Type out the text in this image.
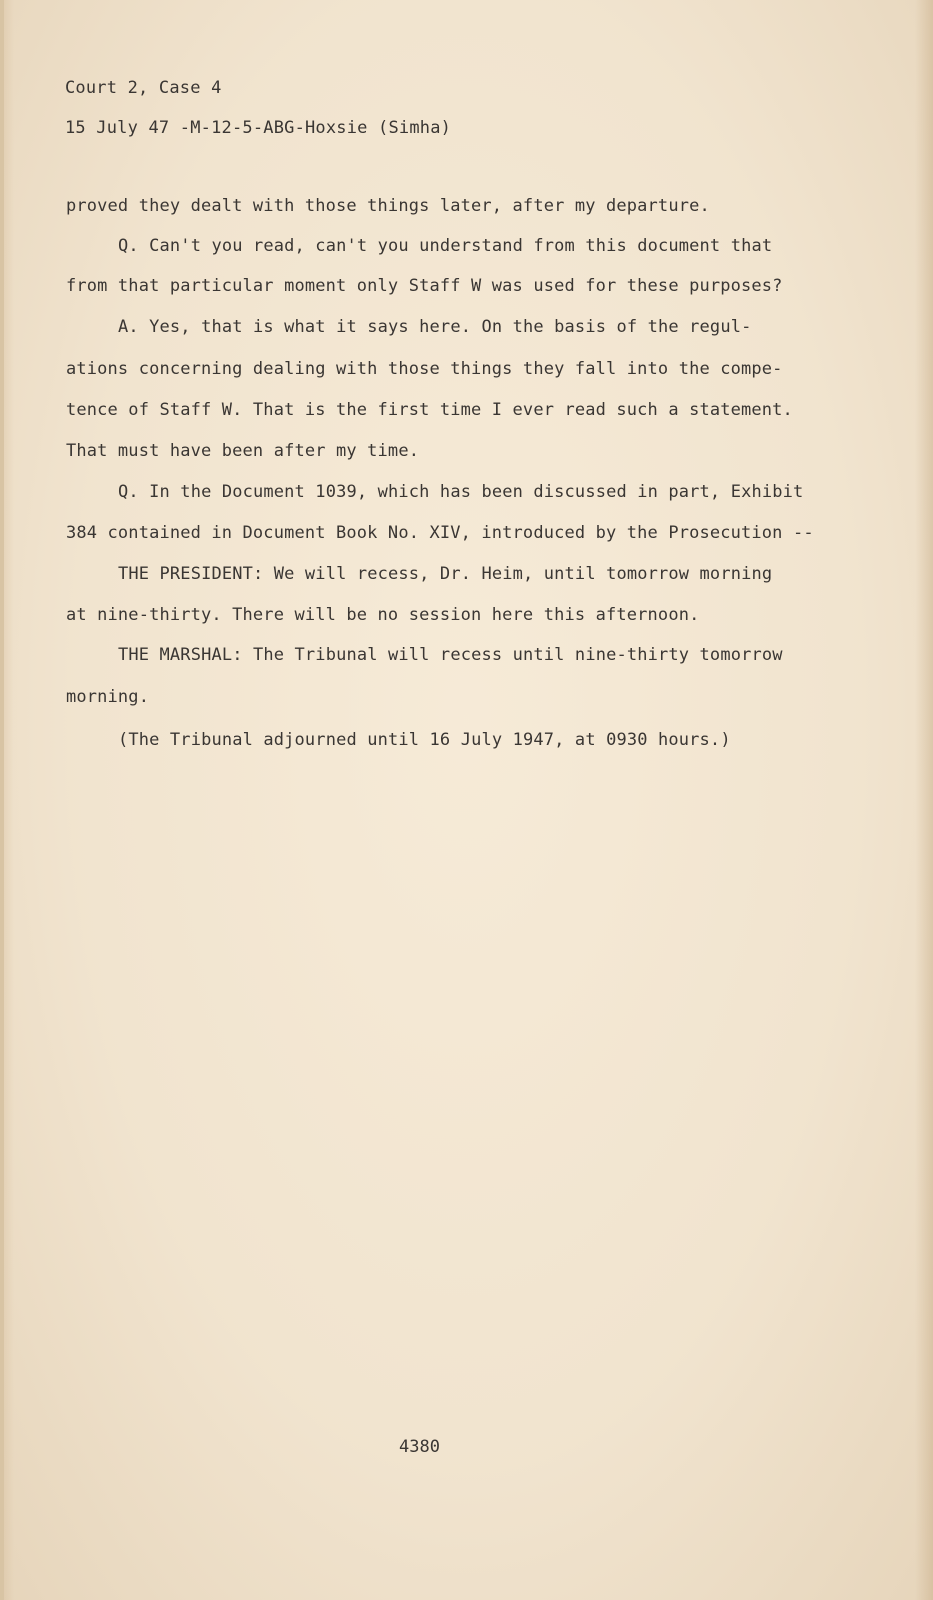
Court 2, Case 4
15 July 47 -M-12-5-ABG-Hoxsie (Simha)
proved they dealt with those things later, after my departure.
Q. Can't you read, can't you understand from this document that
from that particular moment only Staff W was used for these purposes?
A. Yes, that is what it says here. On the basis of the regul-
ations concerning dealing with those things they fall into the compe-
tence of Staff W. That is the first time I ever read such a statement.
That must have been after my time.
Q. In the Document 1039, which has been discussed in part, Exhibit
384 contained in Document Book No. XIV, introduced by the Prosecution --
THE PRESIDENT: We will recess, Dr. Heim, until tomorrow morning
at nine-thirty. There will be no session here this afternoon.
THE MARSHAL: The Tribunal will recess until nine-thirty tomorrow
morning.
(The Tribunal adjourned until 16 July 1947, at 0930 hours.)
4380
